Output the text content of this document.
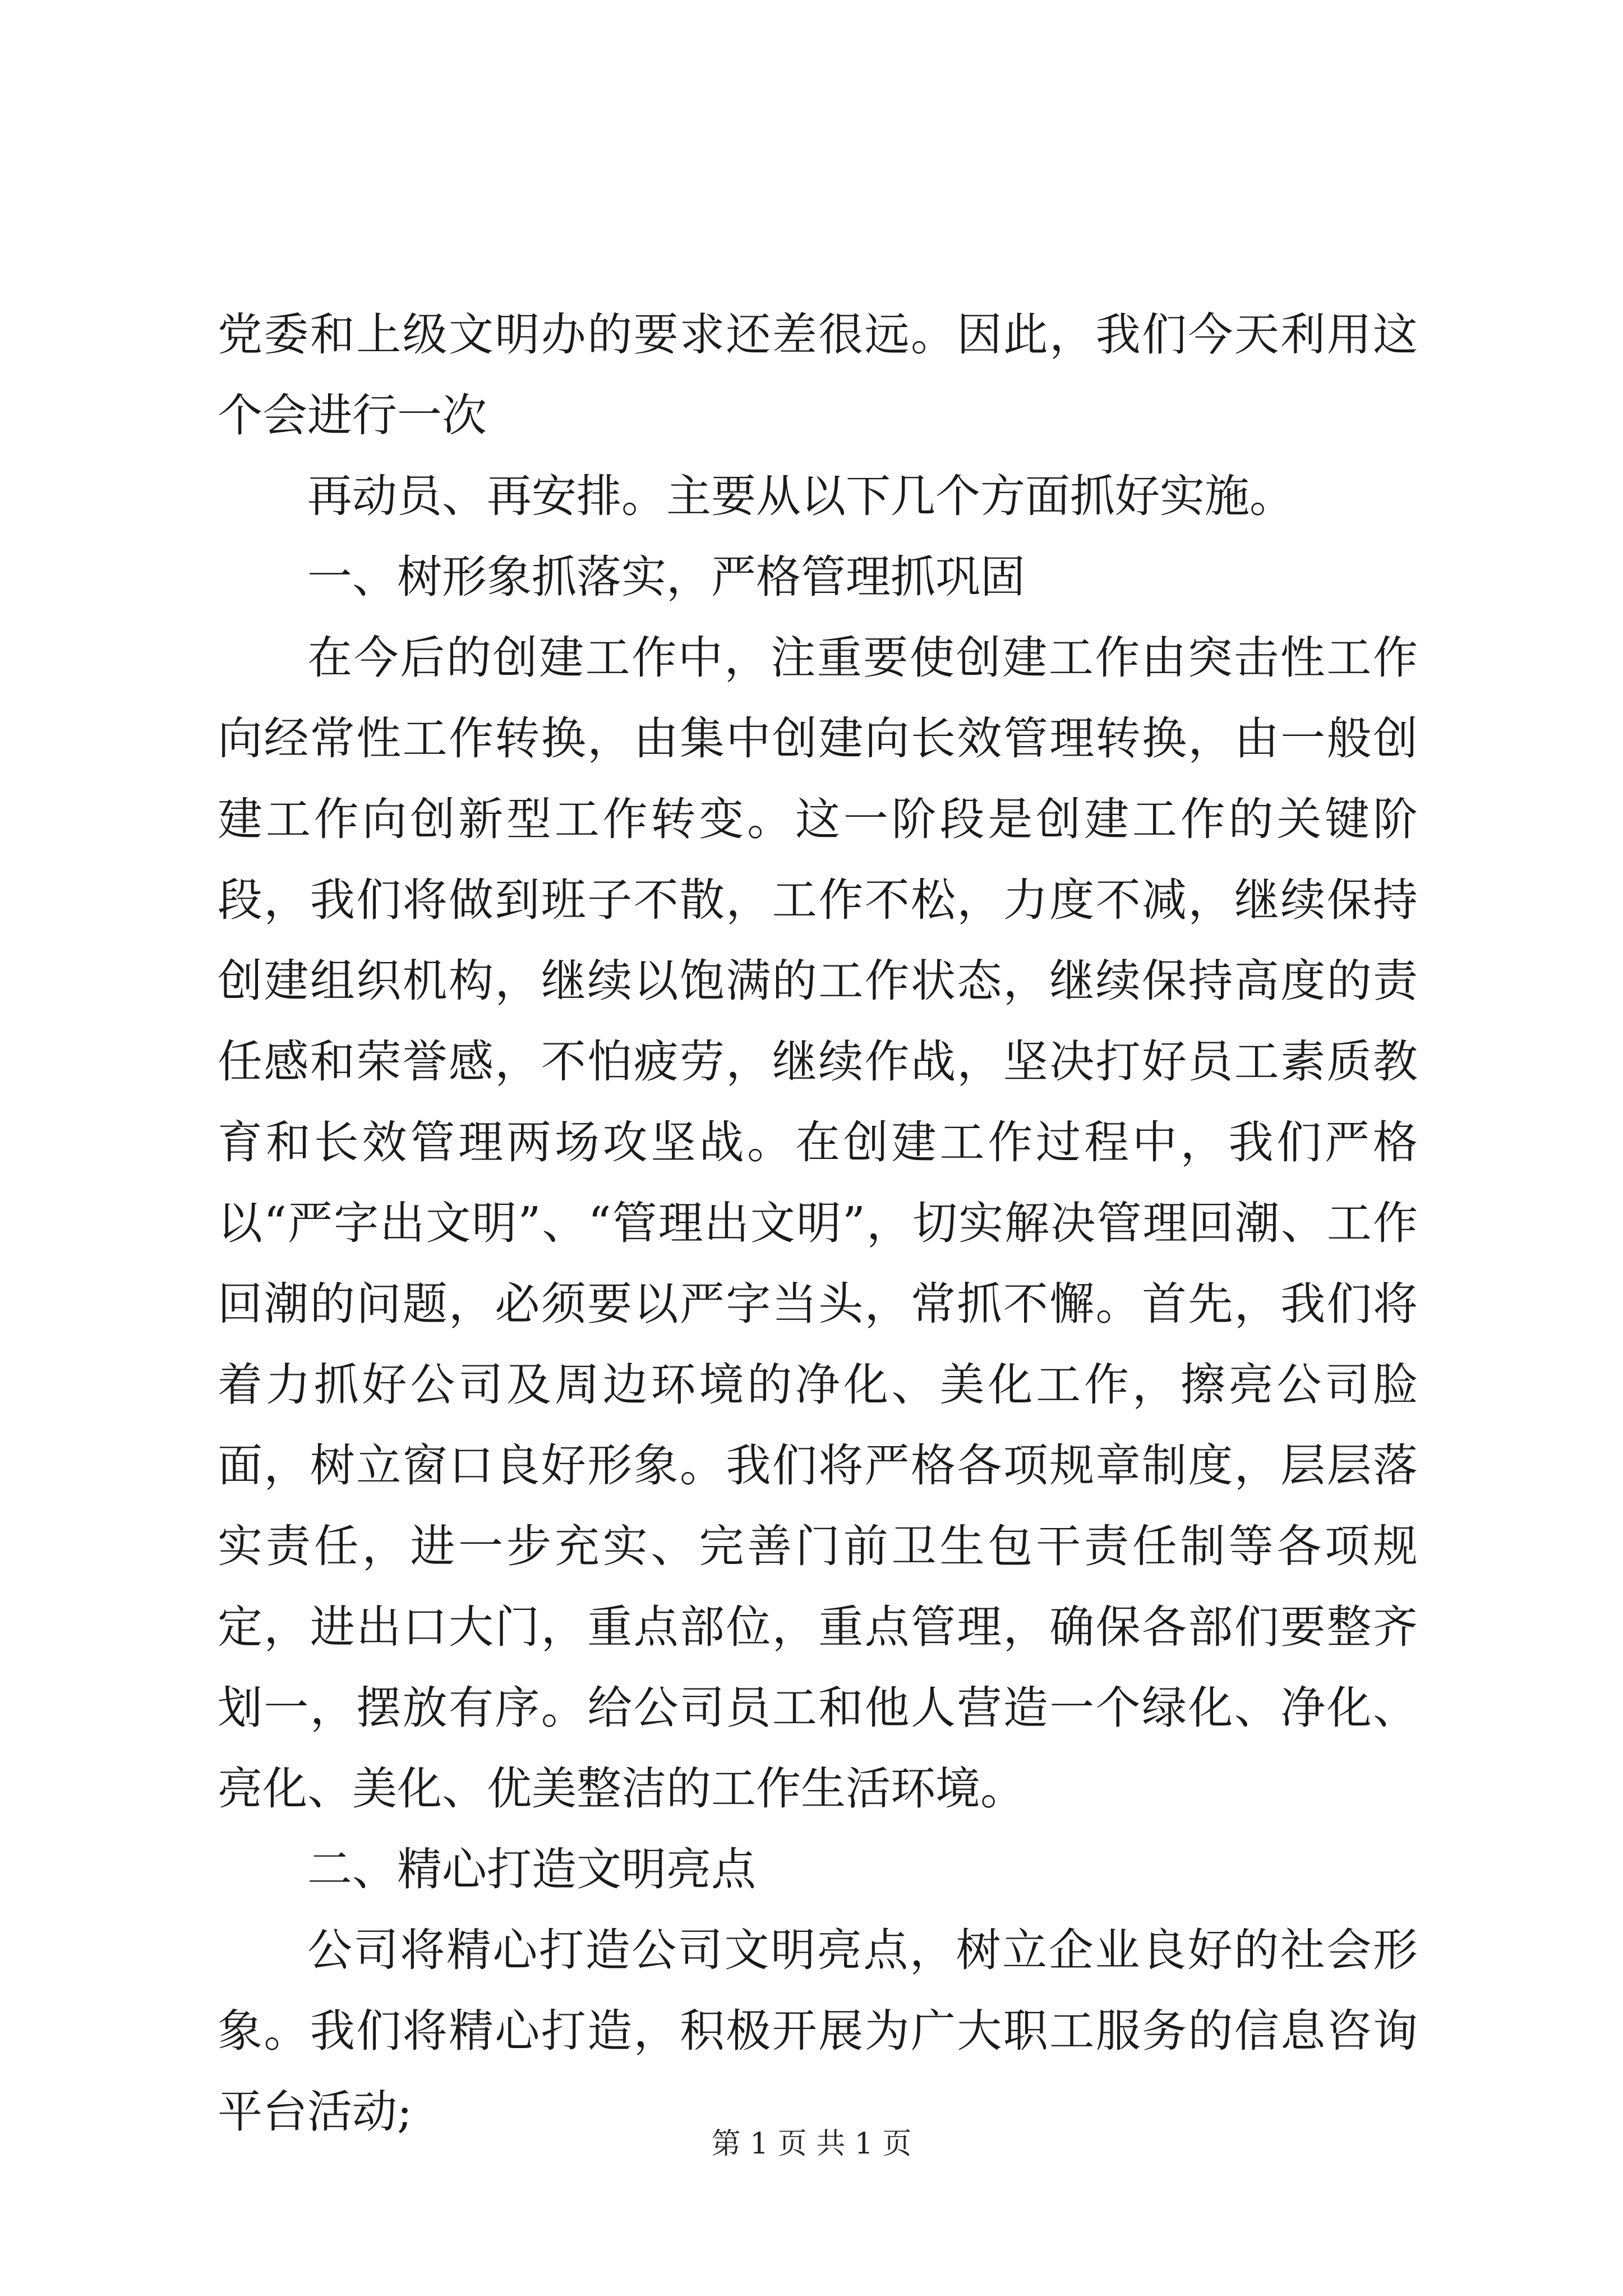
党委和上级文明办的要求还差很远。因此，我们今天利用这个会进行一次

再动员、再安排。主要从以下几个方面抓好实施。

一、树形象抓落实，严格管理抓巩固

在今后的创建工作中，注重要使创建工作由突击性工作向经常性工作转换，由集中创建向长效管理转换，由一般创建工作向创新型工作转变。这一阶段是创建工作的关键阶段，我们将做到班子不散，工作不松，力度不减，继续保持创建组织机构，继续以饱满的工作状态，继续保持高度的责任感和荣誉感，不怕疲劳，继续作战，坚决打好员工素质教育和长效管理两场攻坚战。在创建工作过程中，我们严格以“严字出文明”、“管理出文明”，切实解决管理回潮、工作回潮的问题，必须要以严字当头，常抓不懈。首先，我们将着力抓好公司及周边环境的净化、美化工作，擦亮公司脸面，树立窗口良好形象。我们将严格各项规章制度，层层落实责任，进一步充实、完善门前卫生包干责任制等各项规定，进出口大门，重点部位，重点管理，确保各部们要整齐划一，摆放有序。给公司员工和他人营造一个绿化、净化、亮化、美化、优美整洁的工作生活环境。

二、精心打造文明亮点

公司将精心打造公司文明亮点，树立企业良好的社会形象。我们将精心打造，积极开展为广大职工服务的信息咨询平台活动;

第 1 页 共 1 页
